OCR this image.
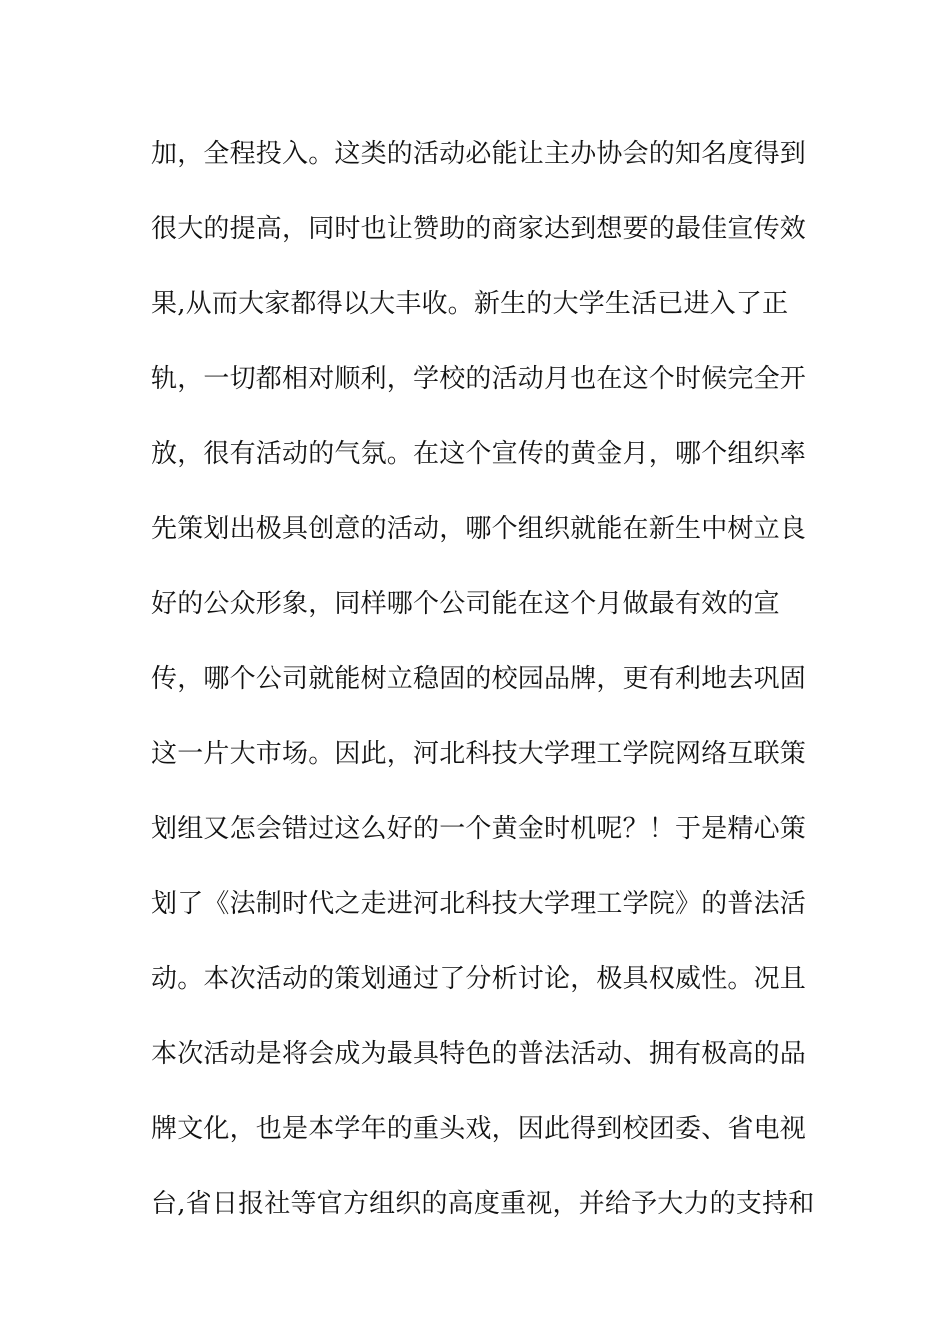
加，全程投入。这类的活动必能让主办协会的知名度得到
很大的提高，同时也让赞助的商家达到想要的最佳宣传效
果,从而大家都得以大丰收。新生的大学生活已进入了正
轨，一切都相对顺利，学校的活动月也在这个时候完全开
放，很有活动的气氛。在这个宣传的黄金月，哪个组织率
先策划出极具创意的活动，哪个组织就能在新生中树立良
好的公众形象，同样哪个公司能在这个月做最有效的宣
传，哪个公司就能树立稳固的校园品牌，更有利地去巩固
这一片大市场。因此，河北科技大学理工学院网络互联策
划组又怎会错过这么好的一个黄金时机呢？！于是精心策
划了《法制时代之走进河北科技大学理工学院》的普法活
动。本次活动的策划通过了分析讨论，极具权威性。况且
本次活动是将会成为最具特色的普法活动、拥有极高的品
牌文化，也是本学年的重头戏，因此得到校团委、省电视
台,省日报社等官方组织的高度重视，并给予大力的支持和
